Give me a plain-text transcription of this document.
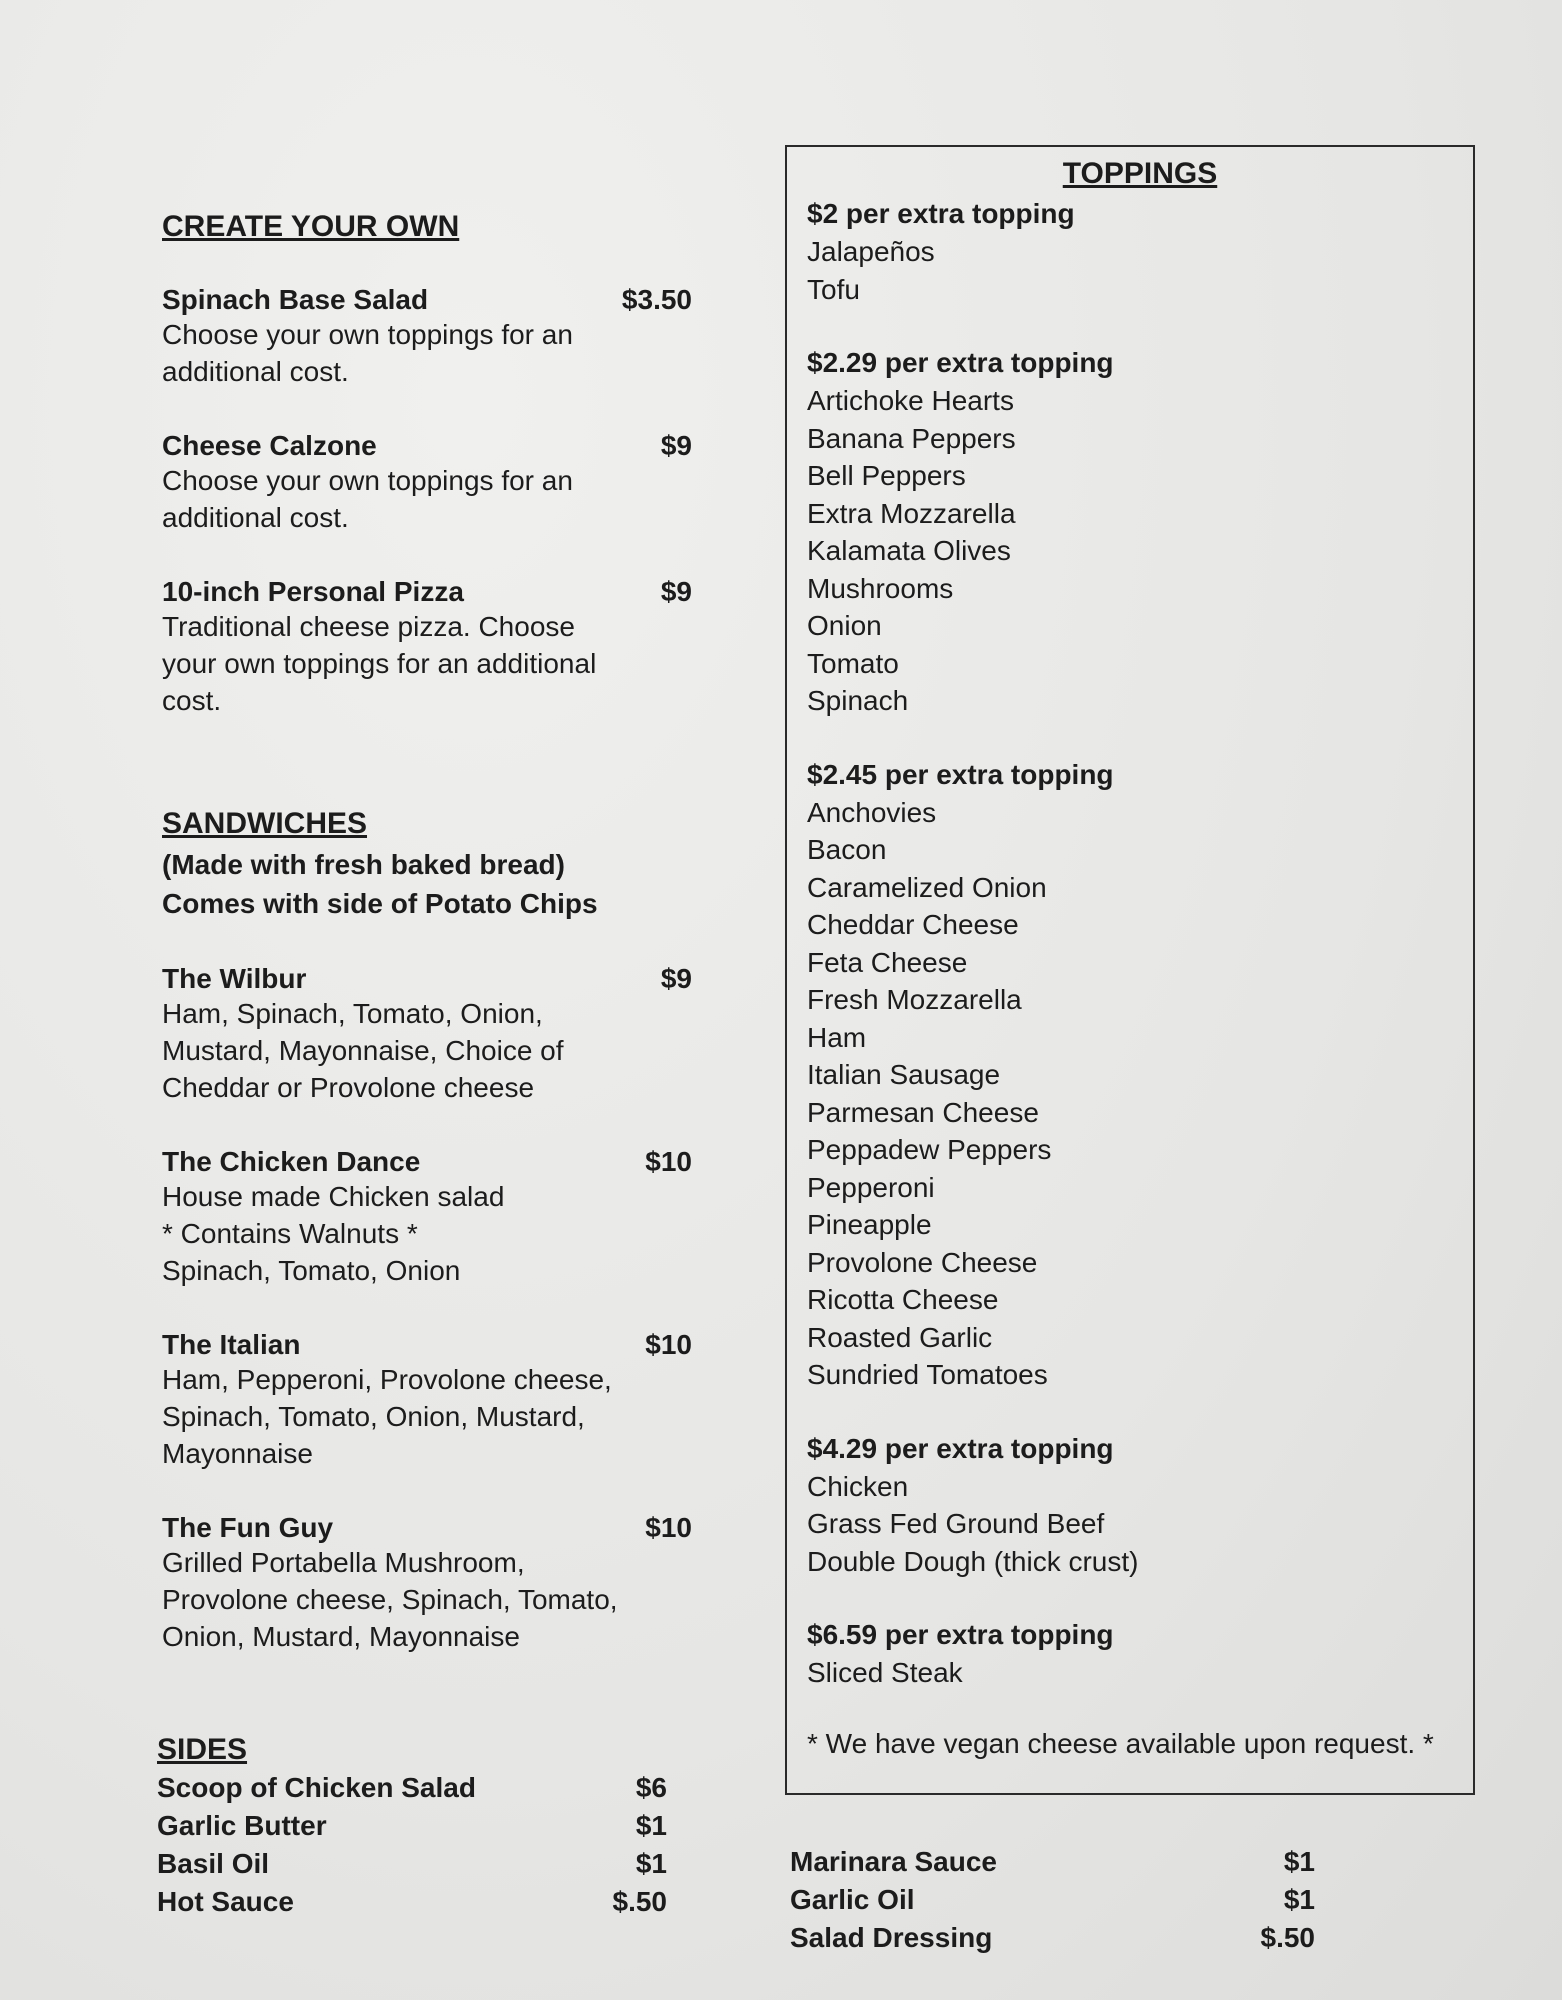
CREATE YOUR OWN
Spinach Base Salad	$3.50
Choose your own toppings for an additional cost.
Cheese Calzone	$9
Choose your own toppings for an additional cost.
10-inch Personal Pizza	$9
Traditional cheese pizza. Choose your own toppings for an additional cost.
SANDWICHES
(Made with fresh baked bread)
Comes with side of Potato Chips
The Wilbur	$9
Ham, Spinach, Tomato, Onion, Mustard, Mayonnaise, Choice of Cheddar or Provolone cheese
The Chicken Dance	$10
House made Chicken salad
* Contains Walnuts *
Spinach, Tomato, Onion
The Italian	$10
Ham, Pepperoni, Provolone cheese, Spinach, Tomato, Onion, Mustard, Mayonnaise
The Fun Guy	$10
Grilled Portabella Mushroom, Provolone cheese, Spinach, Tomato, Onion, Mustard, Mayonnaise
SIDES
Scoop of Chicken Salad	$6
Garlic Butter	$1
Basil Oil	$1
Hot Sauce	$.50
TOPPINGS
$2 per extra topping
Jalapeños
Tofu
$2.29 per extra topping
Artichoke Hearts
Banana Peppers
Bell Peppers
Extra Mozzarella
Kalamata Olives
Mushrooms
Onion
Tomato
Spinach
$2.45 per extra topping
Anchovies
Bacon
Caramelized Onion
Cheddar Cheese
Feta Cheese
Fresh Mozzarella
Ham
Italian Sausage
Parmesan Cheese
Peppadew Peppers
Pepperoni
Pineapple
Provolone Cheese
Ricotta Cheese
Roasted Garlic
Sundried Tomatoes
$4.29 per extra topping
Chicken
Grass Fed Ground Beef
Double Dough (thick crust)
$6.59 per extra topping
Sliced Steak
* We have vegan cheese available upon request. *
Marinara Sauce	$1
Garlic Oil	$1
Salad Dressing	$.50
